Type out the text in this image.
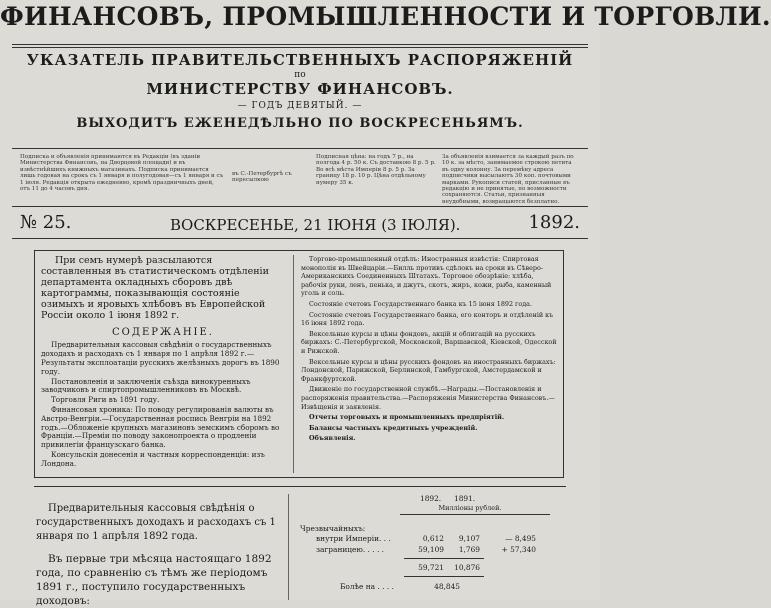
ФИНАНСОВЪ, ПРОМЫШЛЕННОСТИ И ТОРГОВЛИ.
УКАЗАТЕЛЬ ПРАВИТЕЛЬСТВЕННЫХЪ РАСПОРЯЖЕНІЙ
по
МИНИСТЕРСТВУ ФИНАНСОВЪ.
— ГОДЪ ДЕВЯТЫЙ. —
ВЫХОДИТЪ ЕЖЕНЕДѢЛЬНО ПО ВОСКРЕСЕНЬЯМЪ.

Подписка и объявленія принимаются въ Редакціи (въ зданіи Министерства Финансовъ, на Дворцовой площади) и въ извѣстнѣйшихъ книжныхъ магазинахъ. Подписка принимается лишь годовая на срокъ съ 1 января и полугодовая—съ 1 января и съ 1 іюля. Редакція открыта ежедневно, кромѣ праздничныхъ дней, отъ 11 до 4 часовъ дня.

въ С.-Петербургѣ съ пересылкою

Подписная цѣна: на годъ 7 р., на полгода 4 р. 50 к. Съ доставкою 8 р. 5 р. Во всѣ мѣста Имперіи 8 р. 5 р. За границу 18 р. 10 р. Цѣна отдѣльному нумеру 35 к.

За объявленія взимается за каждый разъ по 10 к. за мѣсто, занимаемое строкою петита въ одну колонну. За перемѣну адреса подписчики высылаютъ 30 коп. почтовыми марками. Рукописи статей, присланные въ редакцію и не принятые, по возможности сохраняются. Статьи, признанныя неудобными, возвращаются безплатно.

№ 25.	ВОСКРЕСЕНЬЕ, 21 ІЮНЯ (3 ІЮЛЯ).	1892.

При семъ нумерѣ разсылаются составленныя въ статистическомъ отдѣленіи департамента окладныхъ сборовъ двѣ картограммы, показывающія состояніе озимыхъ и яровыхъ хлѣбовъ въ Европейской Россіи около 1 іюня 1892 г.

СОДЕРЖАНІЕ.

Предварительныя кассовыя свѣдѣнія о государственныхъ доходахъ и расходахъ съ 1 января по 1 апрѣля 1892 г.—Результаты эксплоатаціи русскихъ желѣзныхъ дорогъ въ 1890 году.

Постановленія и заключенія съѣзда винокуренныхъ заводчиковъ и спиртопромышленниковъ въ Москвѣ.

Торговля Риги въ 1891 году.

Финансовая хроника: По поводу регулированія валюты въ Австро-Венгріи.—Государственная роспись Венгріи на 1892 годъ.—Обложеніе крупныхъ магазиновъ земскимъ сборомъ во Франціи.—Преміи по поводу законопроекта о продленіи привилегіи французскаго банка.

Консульскія донесенія и частныя корреспонденціи: изъ Лондона.

Торгово-промышленный отдѣлъ: Иностранныя извѣстія: Спиртовая монополія въ Швейцаріи.—Билль противъ сдѣлокъ на сроки въ Сѣверо-Американскихъ Соединенныхъ Штатахъ. Торговое обозрѣніе: хлѣба, рабочія руки, ленъ, пенька, и джутъ, скотъ, жиръ, кожи, рыба, каменный уголь и соль.

Состояніе счетовъ Государственнаго банка къ 15 іюня 1892 года.

Состояніе счетовъ Государственнаго банка, его конторъ и отдѣленій къ 16 іюня 1892 года.

Вексельные курсы и цѣны фондовъ, акцій и облигацій на русскихъ биржахъ: С.-Петербургской, Московской, Варшавской, Кіевской, Одесской и Рижской.

Вексельные курсы и цѣны русскихъ фондовъ на иностранныхъ биржахъ: Лондонской, Парижской, Берлинской, Гамбургской, Амстердамской и Франкфуртской.

Движеніе по государственной службѣ.—Награды.—Постановленія и распоряженія правительства.—Распоряженія Министерства Финансовъ.—Извѣщенія и заявленія.

Отчеты торговыхъ и промышленныхъ предпріятій.

Балансы частныхъ кредитныхъ учрежденій.

Объявленія.

Предварительныя кассовыя свѣдѣнія о государственныхъ доходахъ и расходахъ съ 1 января по 1 апрѣля 1892 года.

Въ первые три мѣсяца настоящаго 1892 года, по сравненію съ тѣмъ же періодомъ 1891 г., поступило государственныхъ доходовъ:

1892. 1891.
Милліоны рублей.
Чрезвычайныхъ:
внутри Имперіи. . .	0,612	9,107	— 8,495
заграницею. . . . .	59,109	1,769	+ 57,340
59,721	10,876
Болѣе на . . . .	48,845
